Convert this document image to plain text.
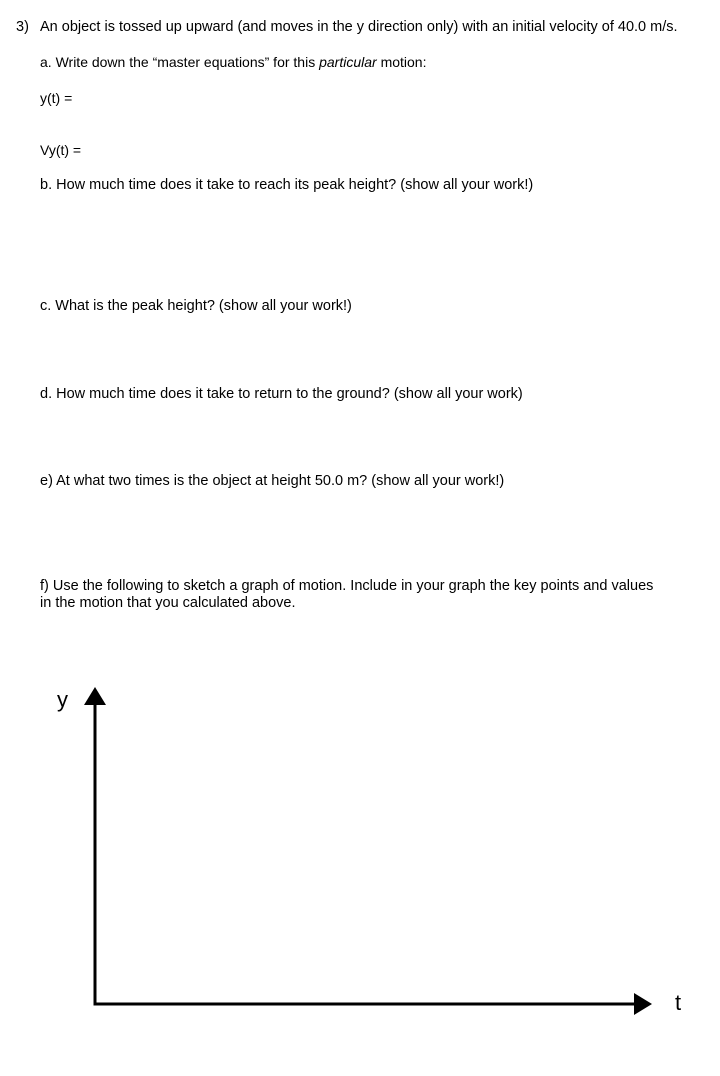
3) An object is tossed up upward (and moves in the y direction only) with an initial velocity of 40.0 m/s.
a. Write down the “master equations” for this particular motion:
y(t) =
Vy(t) =
b. How much time does it take to reach its peak height? (show all your work!)
c. What is the peak height? (show all your work!)
d. How much time does it take to return to the ground? (show all your work)
e) At what two times is the object at height 50.0 m? (show all your work!)
f) Use the following to sketch a graph of motion. Include in your graph the key points and values
in the motion that you calculated above.
y
t
